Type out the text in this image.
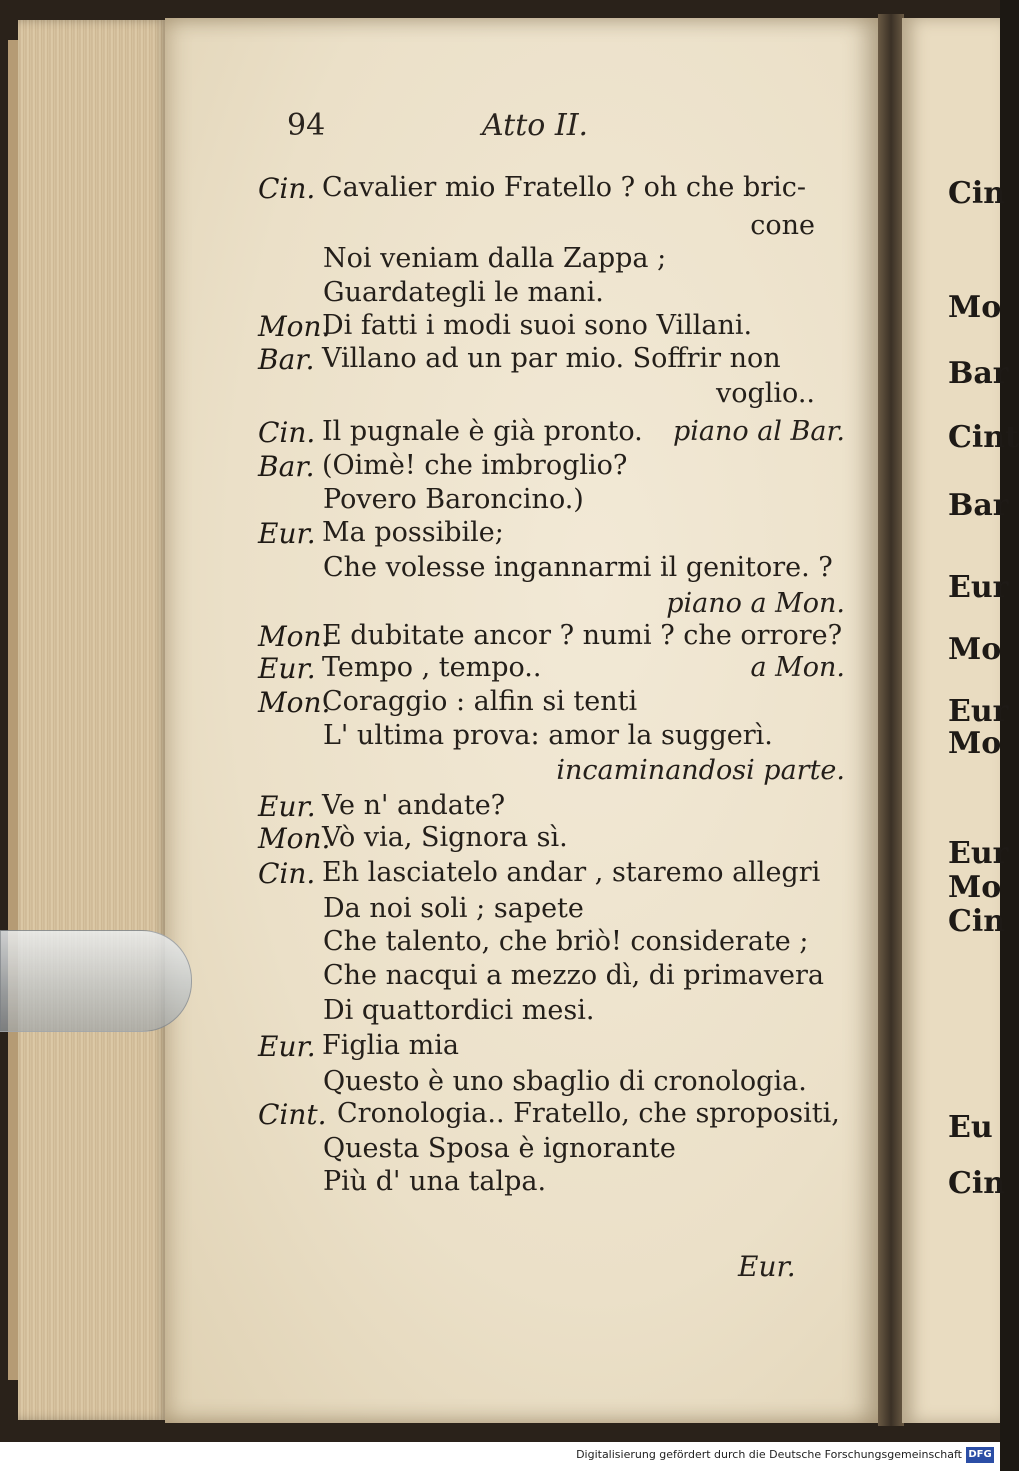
Cin
Mo
Bar
Cint
Bar
Eur
Mo
Eur
Mo
Eur
Mo
Cin
Eu
Cin
94	Atto II.
Cin. Cavalier mio Fratello ? oh che bric-
cone
Noi veniam dalla Zappa ;
Guardategli le mani.
Mon.
Di fatti i modi suoi sono Villani.
Bar. Villano ad un par mio. Soffrir non
voglio..
Cin. Il pugnale è già pronto. piano al Bar.
Bar. (Oimè! che imbroglio?
Povero Baroncino.)
Eur. Ma possibile;
Che volesse ingannarmi il genitore. ?
piano a Mon.
Mon.
E dubitate ancor ? numi ? che orrore?
Eur. Tempo , tempo..	a Mon.
Mon.
Coraggio : alfin si tenti
L' ultima prova: amor la suggerì.
incaminandosi parte.
Eur. Ve n' andate?
Mon.
Vò via, Signora sì.
Cin. Eh lasciatelo andar , staremo allegri
Da noi soli ; sapete
Che talento, che briò! considerate ;
Che nacqui a mezzo dì, di primavera
Di quattordici mesi.
Eur. Figlia mia
Questo è uno sbaglio di cronologia.
Cint. Cronologia.. Fratello, che spropositi,
Questa Sposa è ignorante
Più d' una talpa.
Eur.
Digitalisierung gefördert durch die Deutsche Forschungsgemeinschaft DFG
